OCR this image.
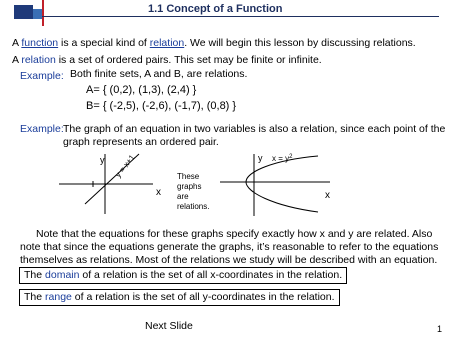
1.1 Concept of a Function
A function is a special kind of relation. We will begin this lesson by discussing relations.
A relation is a set of ordered pairs. This set may be finite or infinite.
Example: Both finite sets, A and B, are relations.
A= { (0,2), (1,3), (2,4) }
B= { (-2,5), (-2,6), (-1,7), (0,8) }
Example: The graph of an equation in two variables is also a relation, since each point of the
graph represents an ordered pair.
y
x
y = x+1	These
graphs
are
relations.
y $x = y^2$
x
Note that the equations for these graphs specify exactly how x and y are related. Also
note that since the equations generate the graphs, it’s reasonable to refer to the equations
themselves as relations. Most of the relations we study will be described with an equation.
The domain of a relation is the set of all x-coordinates in the relation.
The range of a relation is the set of all y-coordinates in the relation.
Next Slide	1
